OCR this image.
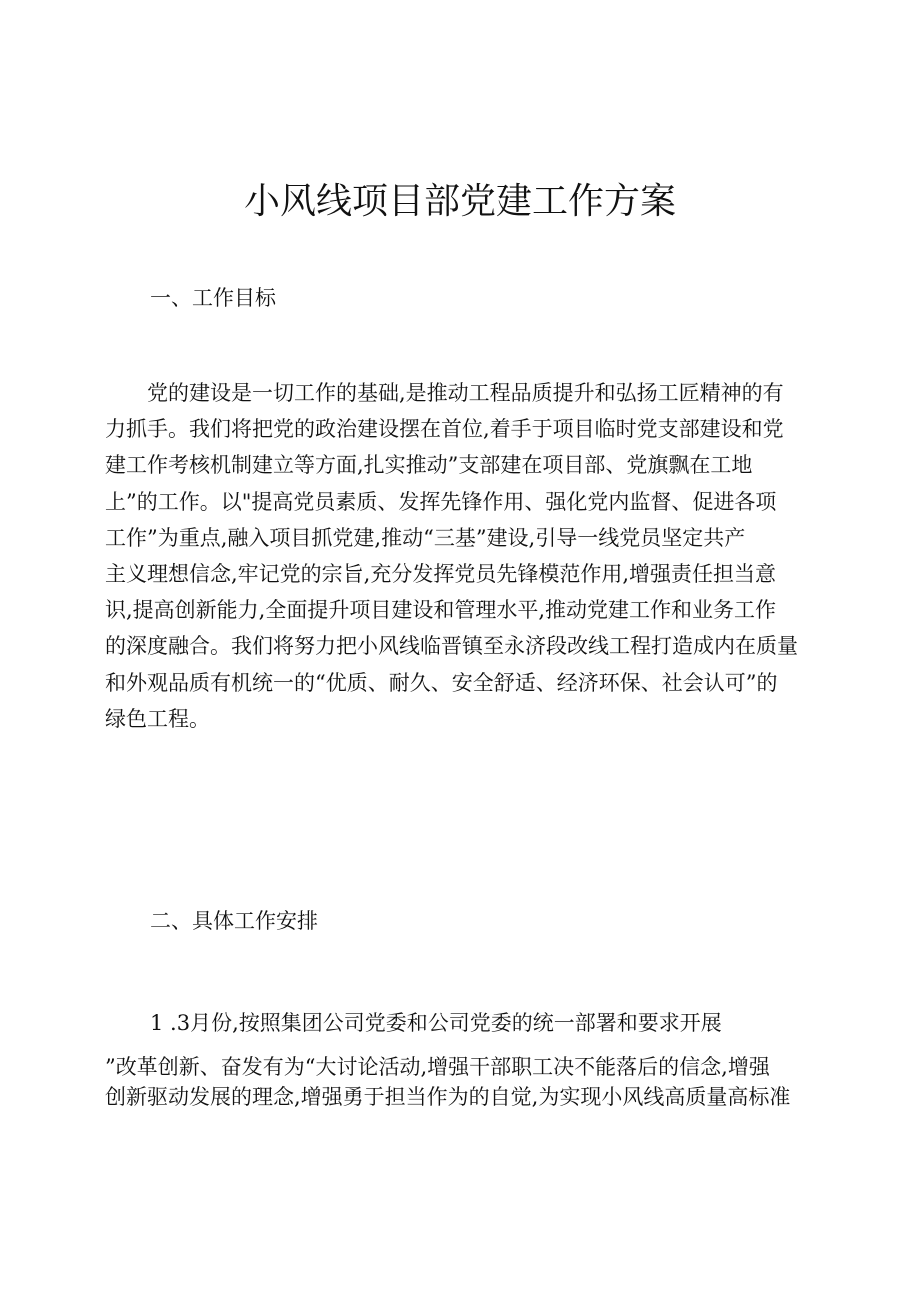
小风线项目部党建工作方案
一、工作目标
党的建设是一切工作的基础,是推动工程品质提升和弘扬工匠精神的有
力抓手。我们将把党的政治建设摆在首位,着手于项目临时党支部建设和党
建工作考核机制建立等方面,扎实推动”支部建在项目部、党旗飘在工地
上”的工作。以"提高党员素质、发挥先锋作用、强化党内监督、促进各项
工作”为重点,融入项目抓党建,推动“三基”建设,引导一线党员坚定共产
主义理想信念,牢记党的宗旨,充分发挥党员先锋模范作用,增强责任担当意
识,提高创新能力,全面提升项目建设和管理水平,推动党建工作和业务工作
的深度融合。我们将努力把小风线临晋镇至永济段改线工程打造成内在质量
和外观品质有机统一的“优质、耐久、安全舒适、经济环保、社会认可”的
绿色工程。
二、具体工作安排

1 .3月份,按照集团公司党委和公司党委的统一部署和要求开展

”改革创新、奋发有为“大讨论活动,增强干部职工决不能落后的信念,增强

创新驱动发展的理念,增强勇于担当作为的自觉,为实现小风线高质量高标准
